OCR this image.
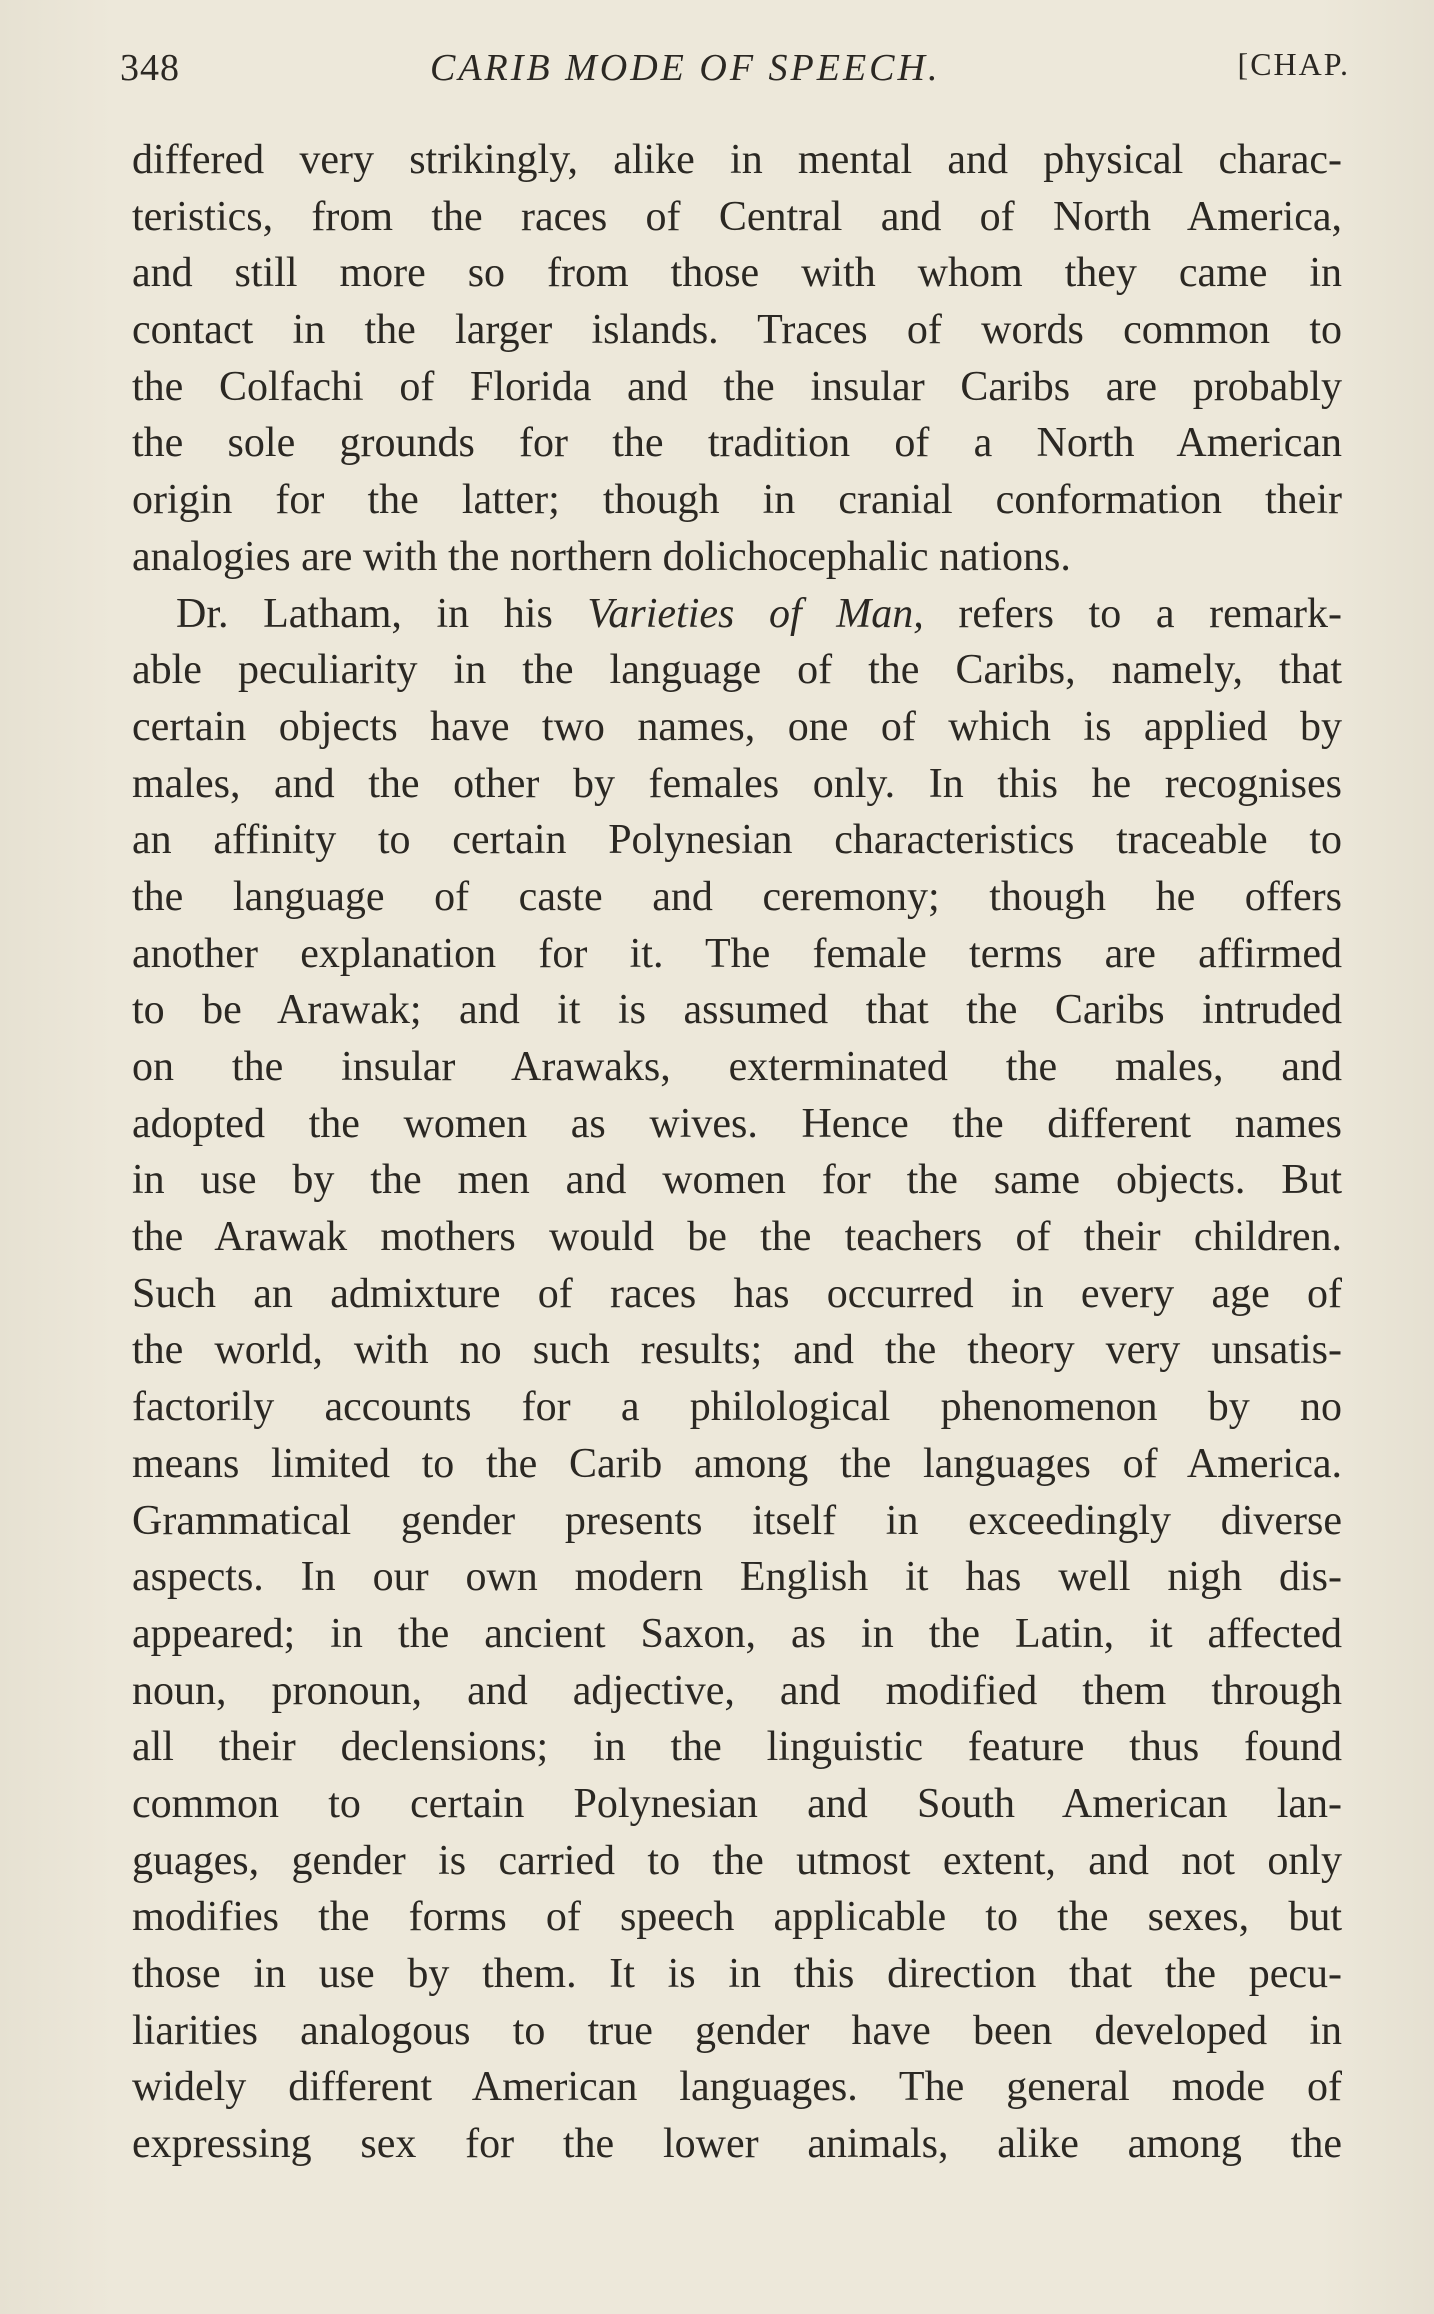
348	CARIB MODE OF SPEECH.	[CHAP.
differed very strikingly, alike in mental and physical charac-
teristics, from the races of Central and of North America,
and still more so from those with whom they came in
contact in the larger islands. Traces of words common to
the Colfachi of Florida and the insular Caribs are probably
the sole grounds for the tradition of a North American
origin for the latter; though in cranial conformation their
analogies are with the northern dolichocephalic nations.
Dr. Latham, in his Varieties of Man, refers to a remark-
able peculiarity in the language of the Caribs, namely, that
certain objects have two names, one of which is applied by
males, and the other by females only. In this he recognises
an affinity to certain Polynesian characteristics traceable to
the language of caste and ceremony; though he offers
another explanation for it. The female terms are affirmed
to be Arawak; and it is assumed that the Caribs intruded
on the insular Arawaks, exterminated the males, and
adopted the women as wives. Hence the different names
in use by the men and women for the same objects. But
the Arawak mothers would be the teachers of their children.
Such an admixture of races has occurred in every age of
the world, with no such results; and the theory very unsatis-
factorily accounts for a philological phenomenon by no
means limited to the Carib among the languages of America.
Grammatical gender presents itself in exceedingly diverse
aspects. In our own modern English it has well nigh dis-
appeared; in the ancient Saxon, as in the Latin, it affected
noun, pronoun, and adjective, and modified them through
all their declensions; in the linguistic feature thus found
common to certain Polynesian and South American lan-
guages, gender is carried to the utmost extent, and not only
modifies the forms of speech applicable to the sexes, but
those in use by them. It is in this direction that the pecu-
liarities analogous to true gender have been developed in
widely different American languages. The general mode of
expressing sex for the lower animals, alike among the
